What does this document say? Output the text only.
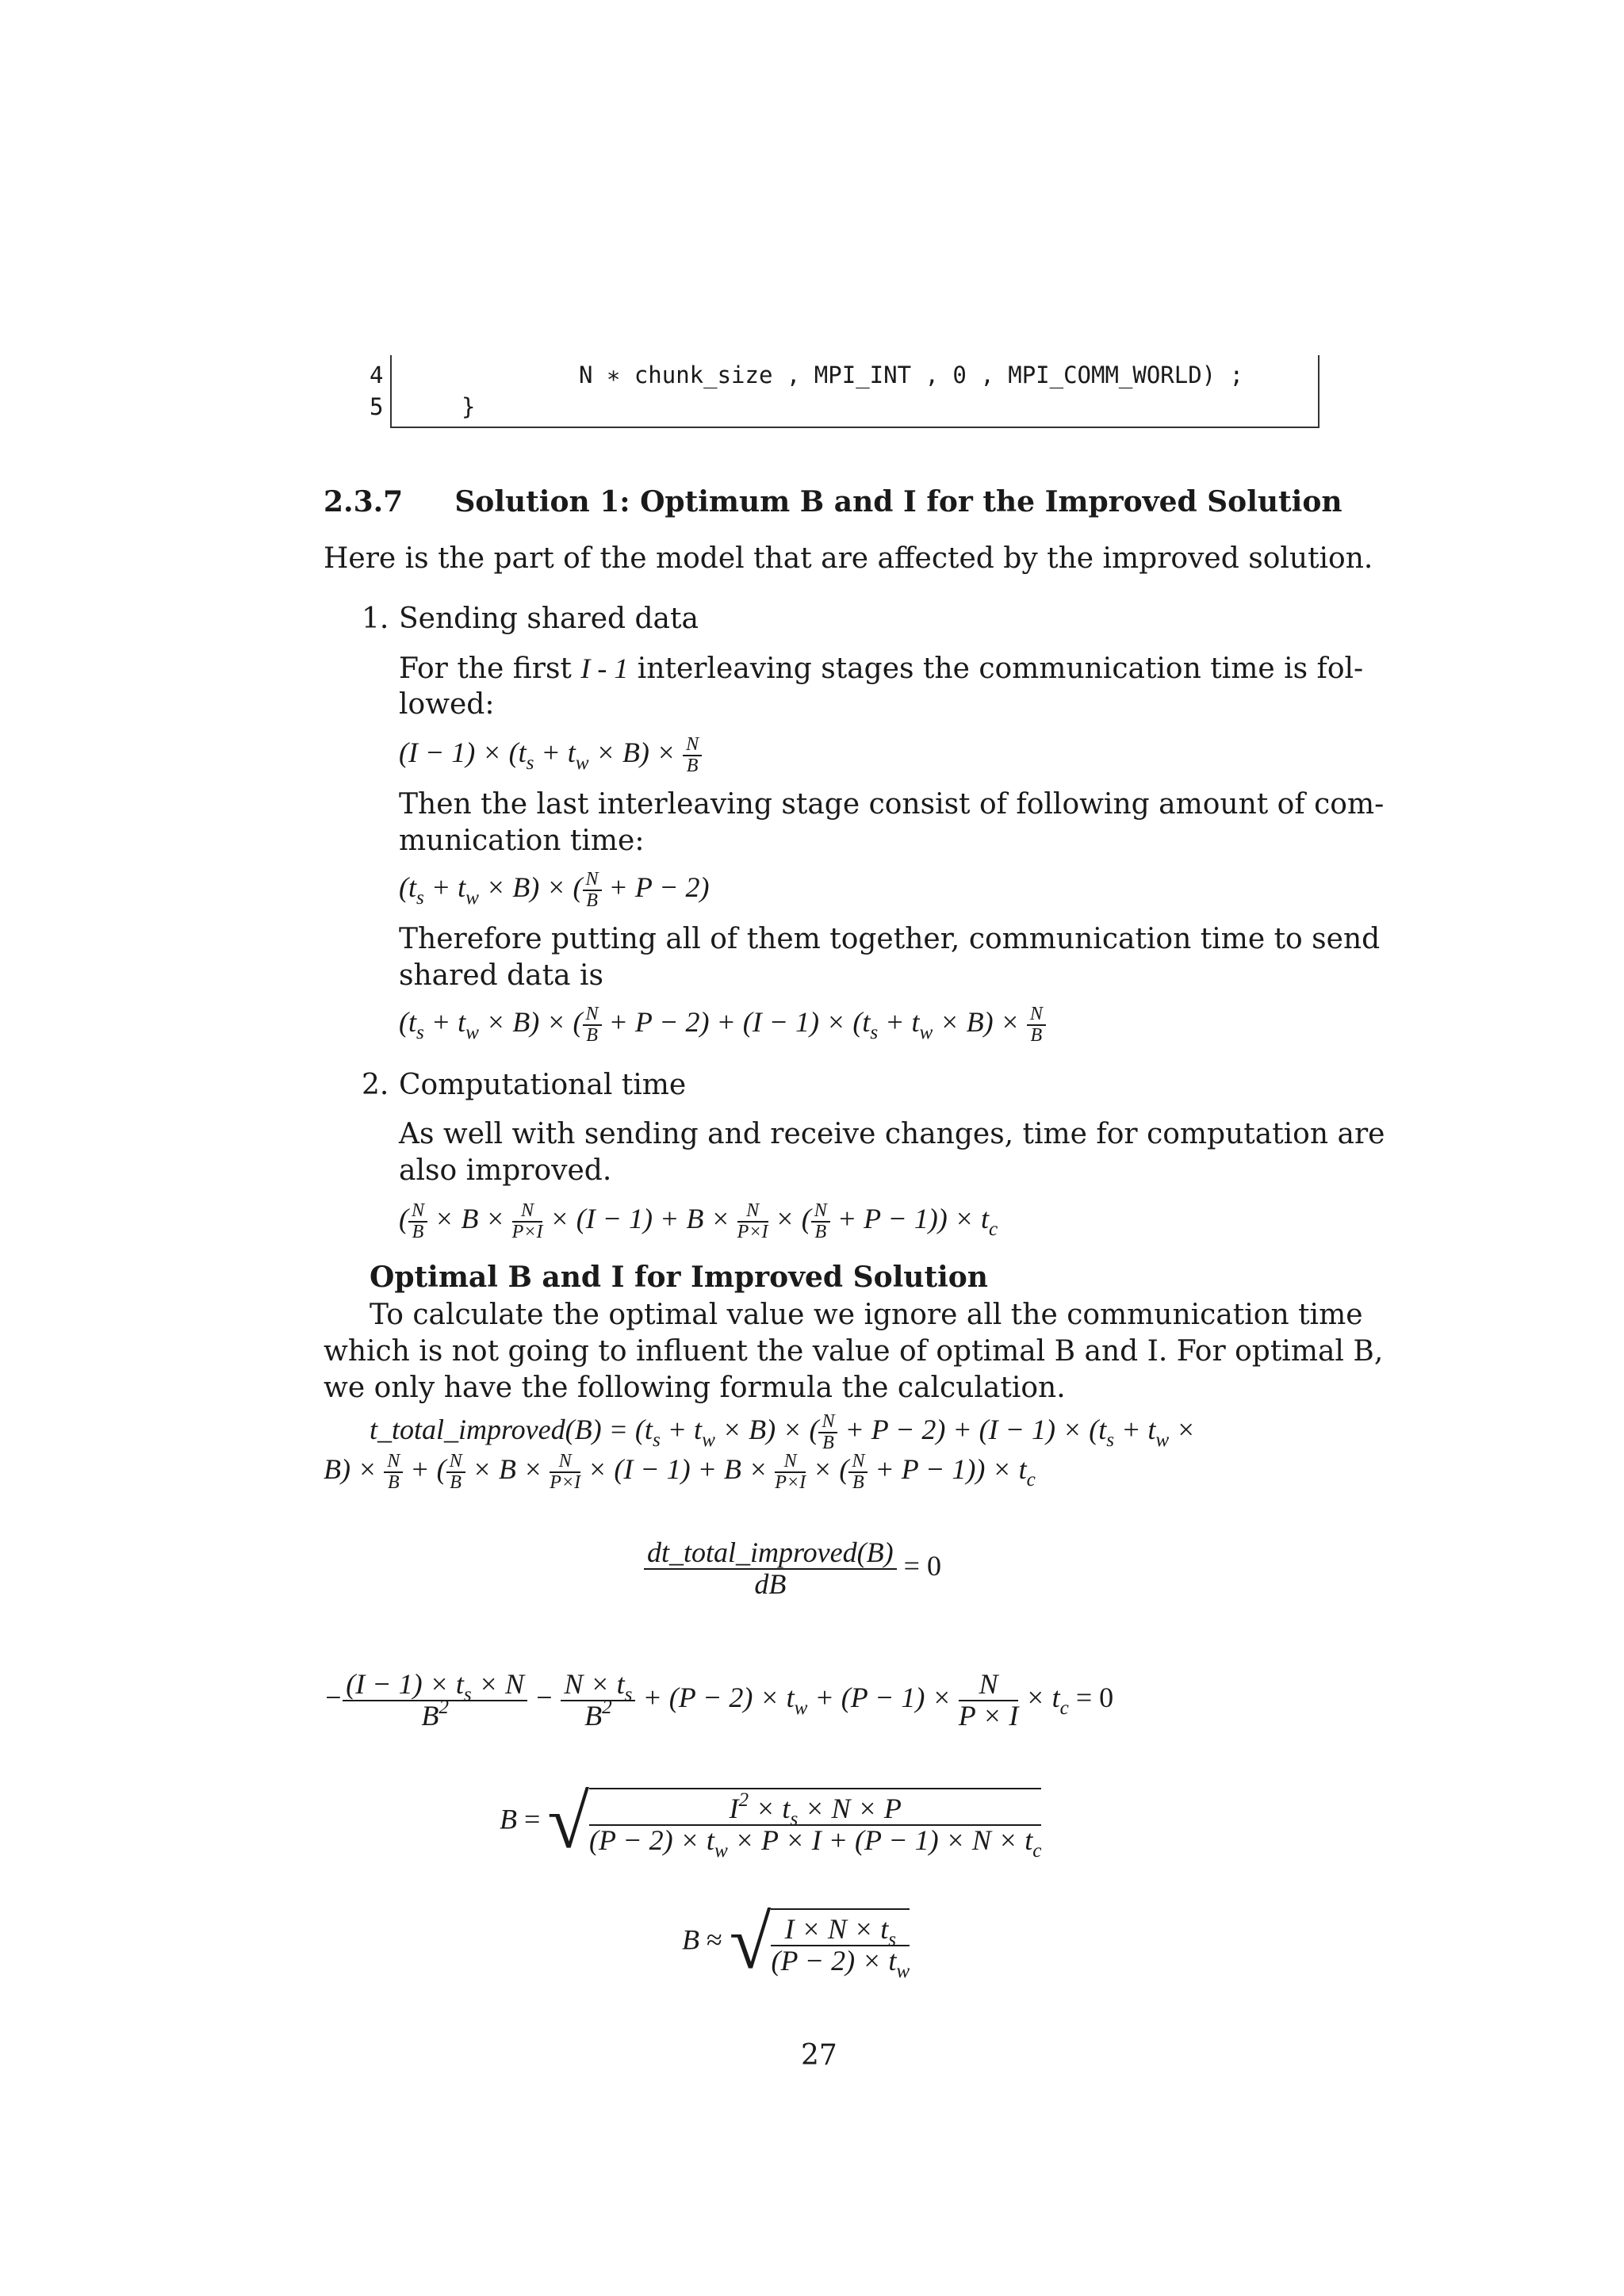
4	N ∗ chunk_size , MPI_INT , 0 , MPI_COMM_WORLD) ;
5	}
2.3.7 Solution 1: Optimum B and I for the Improved Solution
Here is the part of the model that are affected by the improved solution.
1. Sending shared data
For the first I - 1 interleaving stages the communication time is fol-
lowed:
$(I - 1) \times (t_s + t_w \times B) \times \frac{N}{B}$
Then the last interleaving stage consist of following amount of com-
munication time:
$(t_s + t_w \times B)$ × ( $\frac{N}{B} + P - 2$)
Therefore putting all of them together, communication time to send
shared data is
$(t_s + t_w \times B)$ × ( $\frac{N}{B} + P - 2) + (I - 1) \times (t_s + t_w \times B) \times \frac{N}{B}$
2. Computational time
As well with sending and receive changes, time for computation are
also improved.
( $\frac{N}{B} \times B \times \frac{N}{P\times I} \times (I - 1) + B \times \frac{N}{P\times I}$ × ( $\frac{N}{B} + P - 1)) \times t_c$
Optimal B and I for Improved Solution
To calculate the optimal value we ignore all the communication time
which is not going to influent the value of optimal B and I. For optimal B,
we only have the following formula the calculation.
t_total_improved(B) = $(t_s + t_w \times B)$ × ( $\frac{N}{B} + P - 2) + (I - 1) \times (t_s + t_w$ ×
$B) \times \frac{N}{B}$ + ( $\frac{N}{B} \times B \times \frac{N}{P\times I} \times (I - 1) + B \times \frac{N}{P\times I}$ × ( $\frac{N}{B} + P - 1)) \times t_c$
$\frac{\text{dt\_total\_improved(B)}}{dB} = 0$
− $\frac{(I - 1) \times t_s \times N}{B^2} - \frac{N \times t_s}{B^2} + (P - 2) \times t_w + (P - 1) \times \frac{N}{P \times I} \times t_c = 0$
B = √ $\frac{I^2 \times t_s \times N \times P}{(P - 2) \times t_w \times P \times I + (P - 1) \times N \times t_c}$
B ≈ √ $\frac{I \times N \times t_s}{(P - 2) \times t_w}$
27
